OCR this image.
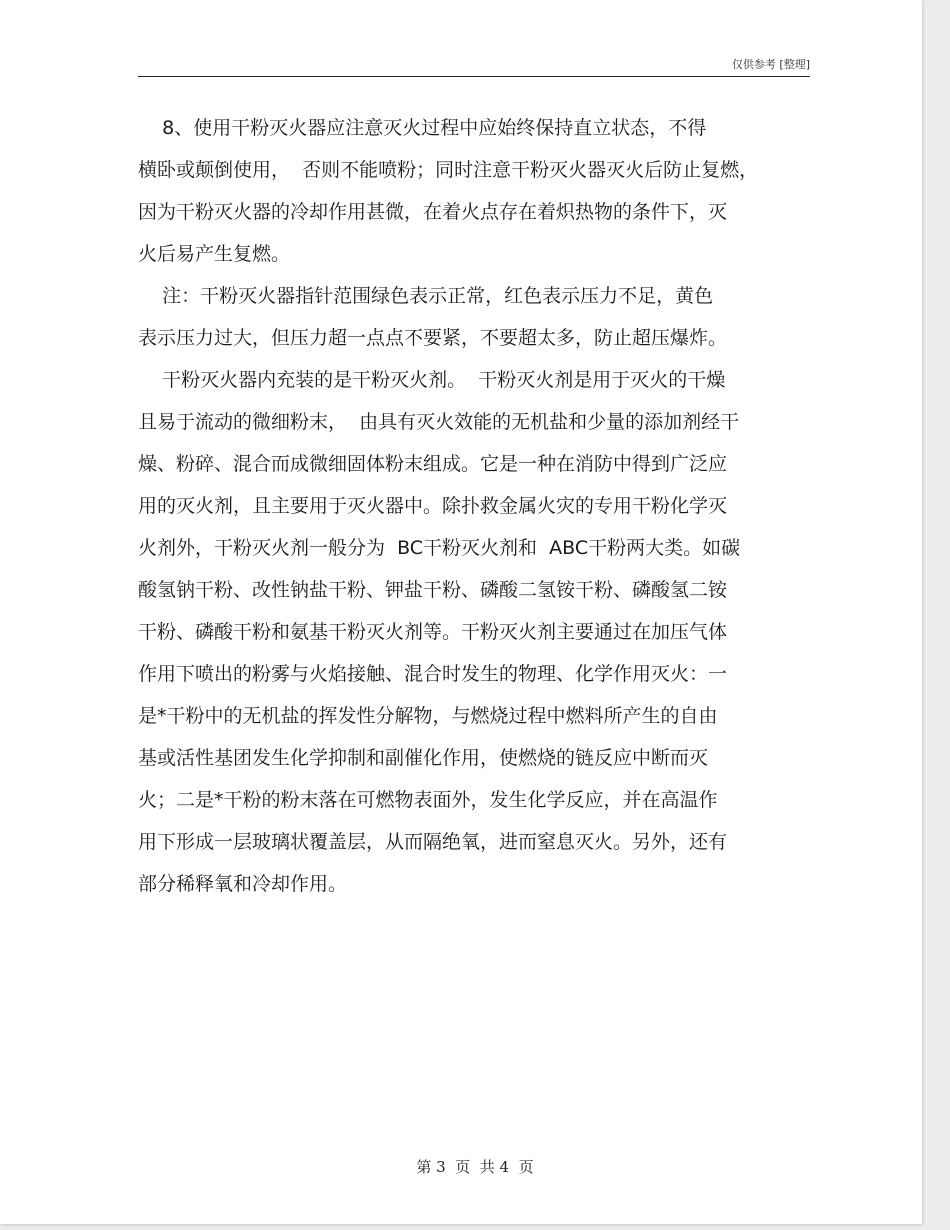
仅供参考 [整理]
8、使用干粉灭火器应注意灭火过程中应始终保持直立状态，不得
横卧或颠倒使用，  否则不能喷粉；同时注意干粉灭火器灭火后防止复燃，
因为干粉灭火器的冷却作用甚微，在着火点存在着炽热物的条件下，灭
火后易产生复燃。
注：干粉灭火器指针范围绿色表示正常，红色表示压力不足，黄色
表示压力过大，但压力超一点点不要紧，不要超太多，防止超压爆炸。
干粉灭火器内充装的是干粉灭火剂。  干粉灭火剂是用于灭火的干燥
且易于流动的微细粉末，  由具有灭火效能的无机盐和少量的添加剂经干
燥、粉碎、混合而成微细固体粉末组成。它是一种在消防中得到广泛应
用的灭火剂，且主要用于灭火器中。除扑救金属火灾的专用干粉化学灭
火剂外，干粉灭火剂一般分为  BC干粉灭火剂和  ABC干粉两大类。如碳
酸氢钠干粉、改性钠盐干粉、钾盐干粉、磷酸二氢铵干粉、磷酸氢二铵
干粉、磷酸干粉和氨基干粉灭火剂等。干粉灭火剂主要通过在加压气体
作用下喷出的粉雾与火焰接触、混合时发生的物理、化学作用灭火：一
是*干粉中的无机盐的挥发性分解物，与燃烧过程中燃料所产生的自由
基或活性基团发生化学抑制和副催化作用，使燃烧的链反应中断而灭
火；二是*干粉的粉末落在可燃物表面外，发生化学反应，并在高温作
用下形成一层玻璃状覆盖层，从而隔绝氧，进而窒息灭火。另外，还有
部分稀释氧和冷却作用。
第 3  页  共 4  页
